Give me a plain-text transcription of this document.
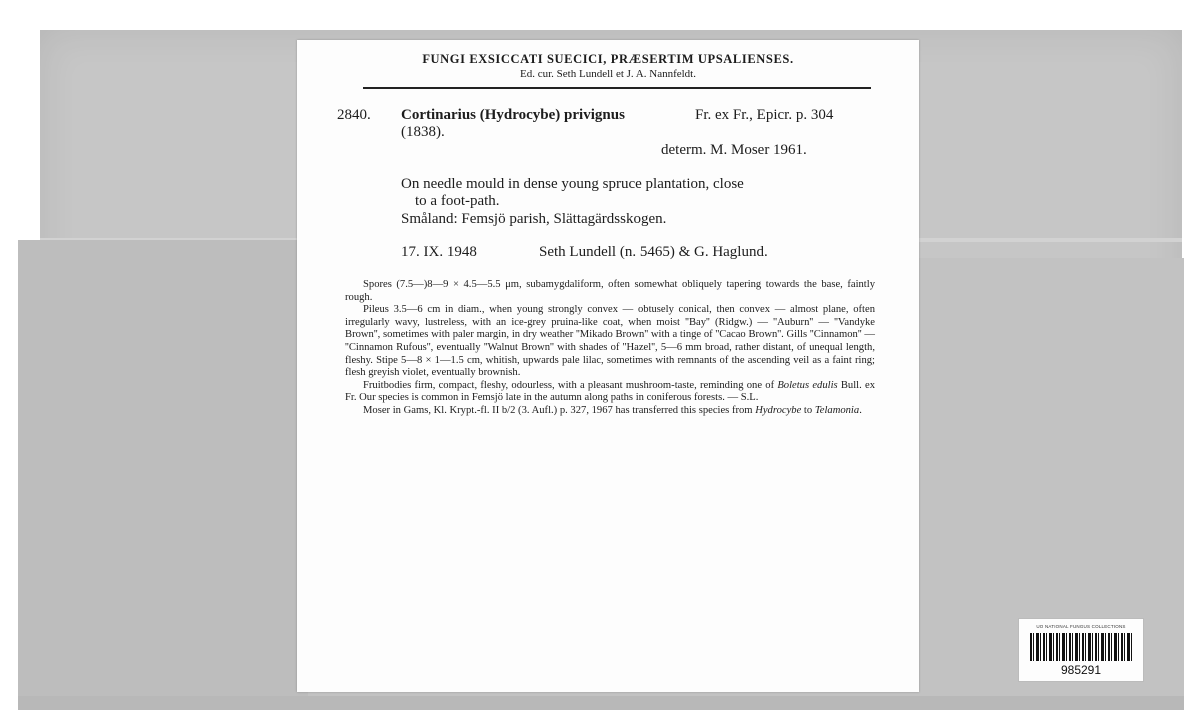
FUNGI EXSICCATI SUECICI, PRÆSERTIM UPSALIENSES.
Ed. cur. Seth Lundell et J. A. Nannfeldt.
2840. Cortinarius (Hydrocybe) privignus	Fr. ex Fr., Epicr. p. 304
(1838).
determ. M. Moser 1961.
On needle mould in dense young spruce plantation, close
to a foot-path.
Småland: Femsjö parish, Slättagärdsskogen.
17. IX. 1948	Seth Lundell (n. 5465) & G. Haglund.

Spores (7.5—)8—9 × 4.5—5.5 μm, subamygdaliform, often somewhat obliquely tapering towards the base, faintly rough.

Pileus 3.5—6 cm in diam., when young strongly convex — obtusely conical, then convex — almost plane, often irregularly wavy, lustreless, with an ice-grey pruina-like coat, when moist ''Bay'' (Ridgw.) — ''Auburn'' — ''Vandyke Brown'', sometimes with paler margin, in dry weather ''Mikado Brown'' with a tinge of ''Cacao Brown''. Gills ''Cinnamon'' — ''Cinnamon Rufous'', eventually ''Walnut Brown'' with shades of ''Hazel'', 5—6 mm broad, rather distant, of unequal length, fleshy. Stipe 5—8 × 1—1.5 cm, whitish, upwards pale lilac, sometimes with remnants of the ascending veil as a faint ring; flesh greyish violet, eventually brownish.

Fruitbodies firm, compact, fleshy, odourless, with a pleasant mushroom-taste, reminding one of Boletus edulis Bull. ex Fr. Our species is common in Femsjö late in the autumn along paths in coniferous forests. — S.L.

Moser in Gams, Kl. Krypt.-fl. II b/2 (3. Aufl.) p. 327, 1967 has transferred this species from Hydrocybe to Telamonia.

UO NATIONAL FUNGUS COLLECTIONS
985291
